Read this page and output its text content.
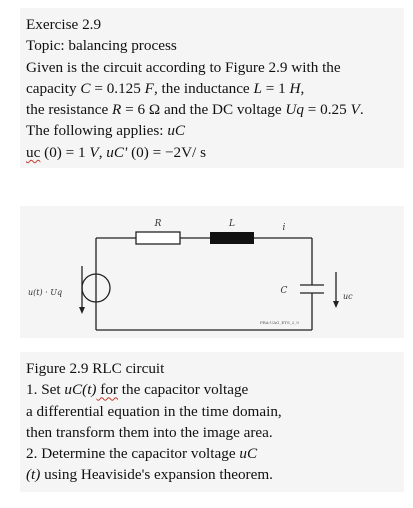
Exercise 2.9
Topic: balancing process
Given is the circuit according to Figure 2.9 with the
capacity C = 0.125 F, the inductance L = 1 H,
the resistance R = 6 Ω and the DC voltage Uq = 0.25 V.
The following applies: uC
uc (0) = 1 V, uC' (0) = −2V/ s
R	L	i
C
u(t) · Uq	uc
FRA-UAG_ETS_2_9
Figure 2.9 RLC circuit
1. Set uC(t) for the capacitor voltage
a differential equation in the time domain,
then transform them into the image area.
2. Determine the capacitor voltage uC
(t) using Heaviside's expansion theorem.
